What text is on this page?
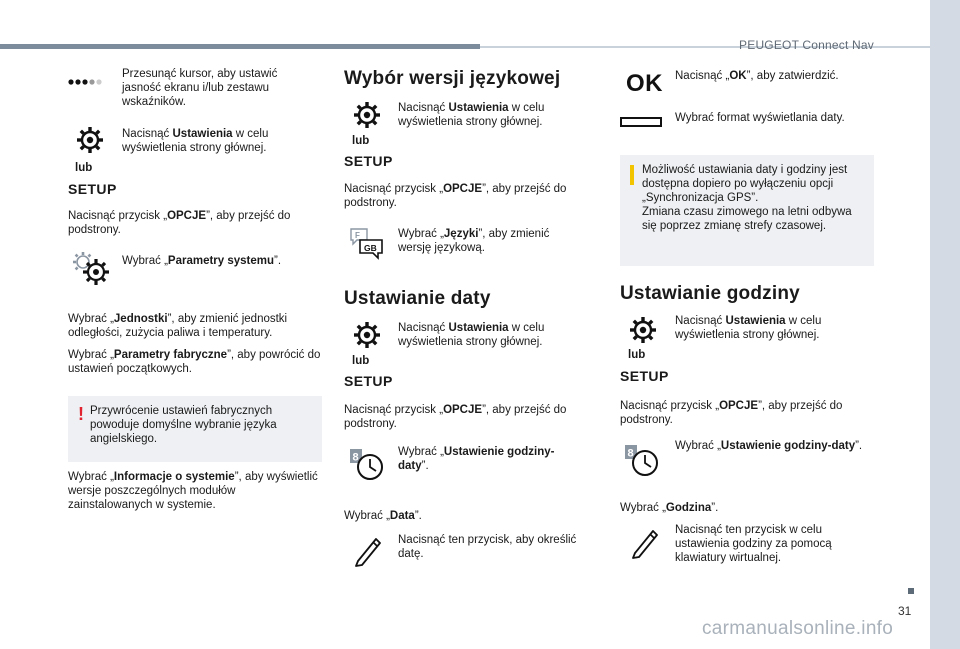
PEUGEOT Connect Nav
31
carmanualsonline.info
Przesunąć kursor, aby ustawić jasność ekranu i/lub zestawu wskaźników.
Nacisnąć Ustawienia w celu wyświetlenia strony głównej.
lub
SETUP
Nacisnąć przycisk „OPCJE”, aby przejść do podstrony.
Wybrać „Parametry systemu”.
Wybrać „Jednostki”, aby zmienić jednostki odległości, zużycia paliwa i temperatury.
Wybrać „Parametry fabryczne”, aby powrócić do ustawień początkowych.
! Przywrócenie ustawień fabrycznych powoduje domyślne wybranie języka angielskiego.
Wybrać „Informacje o systemie”, aby wyświetlić wersje poszczególnych modułów zainstalowanych w systemie.
Wybór wersji językowej
Nacisnąć Ustawienia w celu wyświetlenia strony głównej.
lub
SETUP
Nacisnąć przycisk „OPCJE”, aby przejść do podstrony.
F
GB
Wybrać „Języki”, aby zmienić wersję językową.
Ustawianie daty
Nacisnąć Ustawienia w celu wyświetlenia strony głównej.
lub
SETUP
Nacisnąć przycisk „OPCJE”, aby przejść do podstrony.
8	Wybrać „Ustawienie godziny-daty”.
Wybrać „Data”.
Nacisnąć ten przycisk, aby określić datę.
OK Nacisnąć „OK”, aby zatwierdzić.
Wybrać format wyświetlania daty.
Możliwość ustawiania daty i godziny jest dostępna dopiero po wyłączeniu opcji „Synchronizacja GPS”.
Zmiana czasu zimowego na letni odbywa się poprzez zmianę strefy czasowej.
Ustawianie godziny
Nacisnąć Ustawienia w celu wyświetlenia strony głównej.
lub
SETUP
Nacisnąć przycisk „OPCJE”, aby przejść do podstrony.
8
Wybrać „Ustawienie godziny-daty”.
Wybrać „Godzina”.
Nacisnąć ten przycisk w celu ustawienia godziny za pomocą klawiatury wirtualnej.
